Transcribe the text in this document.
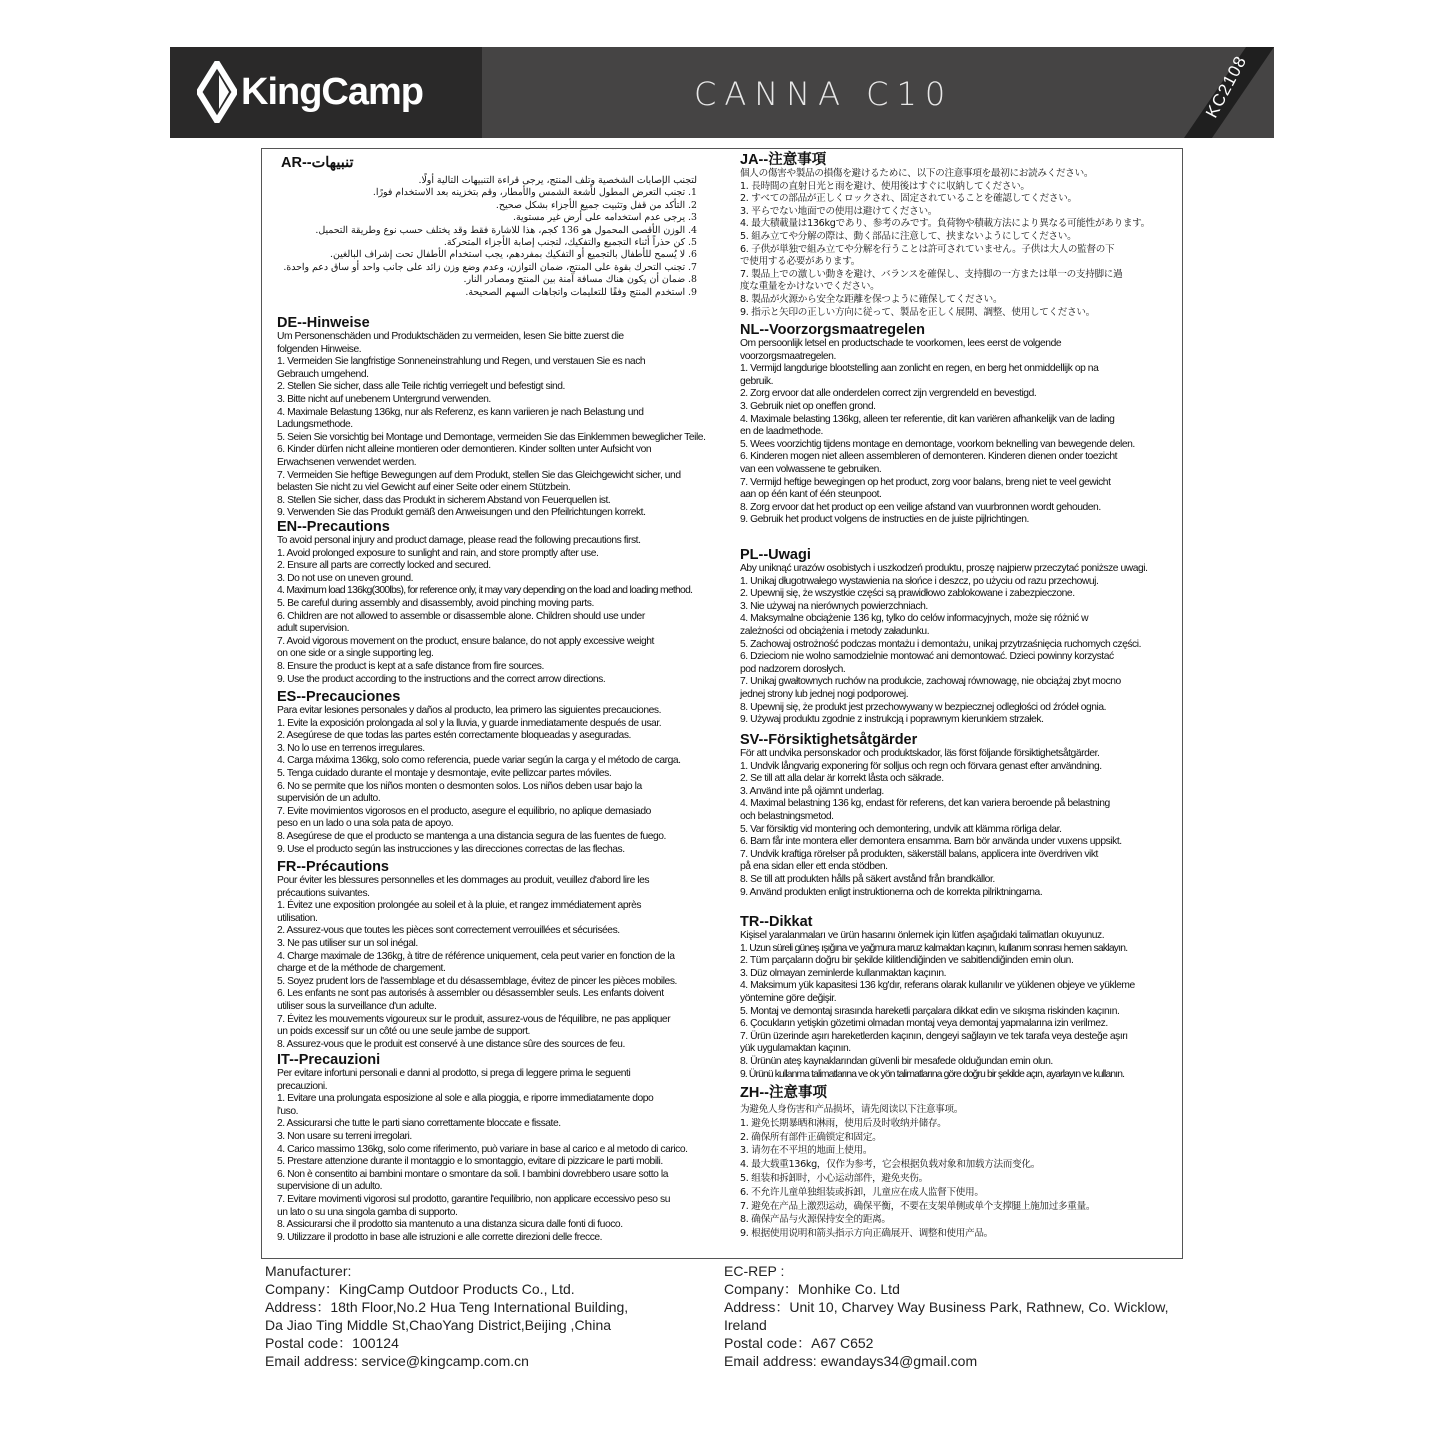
KingCamp	CANNA C10	KC2108
AR--تنبيهات

لتجنب الإصابات الشخصية وتلف المنتج، يرجى قراءة التنبيهات التالية أولًا.

1. تجنب التعرض المطول لأشعة الشمس والأمطار، وقم بتخزينه بعد الاستخدام فورًا.

2. التأكد من قفل وتثبيت جميع الأجزاء بشكل صحيح.

3. يرجى عدم استخدامه على أرض غير مستوية.

4. الوزن الأقصى المحمول هو 136 كجم، هذا للاشارة فقط وقد يختلف حسب نوع وطريقة التحميل.

5. كن حذراً أثناء التجميع والتفكيك، لتجنب إصابة الأجزاء المتحركة.

6. لا يُسمح للأطفال بالتجميع أو التفكيك بمفردهم، يجب استخدام الأطفال تحت إشراف البالغين.

7. تجنب التحرك بقوة على المنتج، ضمان التوازن، وعدم وضع وزن زائد على جانب واحد أو ساق دعم واحدة.

8. ضمان أن يكون هناك مسافة آمنة بين المنتج ومصادر النار.

9. استخدم المنتج وفقًا للتعليمات واتجاهات السهم الصحيحة.

DE--Hinweise

Um Personenschäden und Produktschäden zu vermeiden, lesen Sie bitte zuerst die

folgenden Hinweise.

1. Vermeiden Sie langfristige Sonneneinstrahlung und Regen, und verstauen Sie es nach

Gebrauch umgehend.

2. Stellen Sie sicher, dass alle Teile richtig verriegelt und befestigt sind.

3. Bitte nicht auf unebenem Untergrund verwenden.

4. Maximale Belastung 136kg, nur als Referenz, es kann variieren je nach Belastung und

Ladungsmethode.

5. Seien Sie vorsichtig bei Montage und Demontage, vermeiden Sie das Einklemmen beweglicher Teile.

6. Kinder dürfen nicht alleine montieren oder demontieren. Kinder sollten unter Aufsicht von

Erwachsenen verwendet werden.

7. Vermeiden Sie heftige Bewegungen auf dem Produkt, stellen Sie das Gleichgewicht sicher, und

belasten Sie nicht zu viel Gewicht auf einer Seite oder einem Stützbein.

8. Stellen Sie sicher, dass das Produkt in sicherem Abstand von Feuerquellen ist.

9. Verwenden Sie das Produkt gemäß den Anweisungen und den Pfeilrichtungen korrekt.

EN--Precautions

To avoid personal injury and product damage, please read the following precautions first.

1. Avoid prolonged exposure to sunlight and rain, and store promptly after use.

2. Ensure all parts are correctly locked and secured.

3. Do not use on uneven ground.

4. Maximum load 136kg(300lbs), for reference only, it may vary depending on the load and loading method.

5. Be careful during assembly and disassembly, avoid pinching moving parts.

6. Children are not allowed to assemble or disassemble alone. Children should use under

adult supervision.

7. Avoid vigorous movement on the product, ensure balance, do not apply excessive weight

on one side or a single supporting leg.

8. Ensure the product is kept at a safe distance from fire sources.

9. Use the product according to the instructions and the correct arrow directions.

ES--Precauciones

Para evitar lesiones personales y daños al producto, lea primero las siguientes precauciones.

1. Evite la exposición prolongada al sol y la lluvia, y guarde inmediatamente después de usar.

2. Asegúrese de que todas las partes estén correctamente bloqueadas y aseguradas.

3. No lo use en terrenos irregulares.

4. Carga máxima 136kg, solo como referencia, puede variar según la carga y el método de carga.

5. Tenga cuidado durante el montaje y desmontaje, evite pellizcar partes móviles.

6. No se permite que los niños monten o desmonten solos. Los niños deben usar bajo la

supervisión de un adulto.

7. Evite movimientos vigorosos en el producto, asegure el equilibrio, no aplique demasiado

peso en un lado o una sola pata de apoyo.

8. Asegúrese de que el producto se mantenga a una distancia segura de las fuentes de fuego.

9. Use el producto según las instrucciones y las direcciones correctas de las flechas.

FR--Précautions

Pour éviter les blessures personnelles et les dommages au produit, veuillez d'abord lire les

précautions suivantes.

1. Évitez une exposition prolongée au soleil et à la pluie, et rangez immédiatement après

utilisation.

2. Assurez-vous que toutes les pièces sont correctement verrouillées et sécurisées.

3. Ne pas utiliser sur un sol inégal.

4. Charge maximale de 136kg, à titre de référence uniquement, cela peut varier en fonction de la

charge et de la méthode de chargement.

5. Soyez prudent lors de l'assemblage et du désassemblage, évitez de pincer les pièces mobiles.

6. Les enfants ne sont pas autorisés à assembler ou désassembler seuls. Les enfants doivent

utiliser sous la surveillance d'un adulte.

7. Évitez les mouvements vigoureux sur le produit, assurez-vous de l'équilibre, ne pas appliquer

un poids excessif sur un côté ou une seule jambe de support.

8. Assurez-vous que le produit est conservé à une distance sûre des sources de feu.

IT--Precauzioni

Per evitare infortuni personali e danni al prodotto, si prega di leggere prima le seguenti

precauzioni.

1. Evitare una prolungata esposizione al sole e alla pioggia, e riporre immediatamente dopo

l'uso.

2. Assicurarsi che tutte le parti siano correttamente bloccate e fissate.

3. Non usare su terreni irregolari.

4. Carico massimo 136kg, solo come riferimento, può variare in base al carico e al metodo di carico.

5. Prestare attenzione durante il montaggio e lo smontaggio, evitare di pizzicare le parti mobili.

6. Non è consentito ai bambini montare o smontare da soli. I bambini dovrebbero usare sotto la

supervisione di un adulto.

7. Evitare movimenti vigorosi sul prodotto, garantire l'equilibrio, non applicare eccessivo peso su

un lato o su una singola gamba di supporto.

8. Assicurarsi che il prodotto sia mantenuto a una distanza sicura dalle fonti di fuoco.

9. Utilizzare il prodotto in base alle istruzioni e alle corrette direzioni delle frecce.

JA--注意事項

個人の傷害や製品の損傷を避けるために、以下の注意事項を最初にお読みください。

1. 長時間の直射日光と雨を避け、使用後はすぐに収納してください。

2. すべての部品が正しくロックされ、固定されていることを確認してください。

3. 平らでない地面での使用は避けてください。

4. 最大積載量は136kgであり、参考のみです。負荷物や積載方法により異なる可能性があります。

5. 組み立てや分解の際は、動く部品に注意して、挟まないようにしてください。

6. 子供が単独で組み立てや分解を行うことは許可されていません。子供は大人の監督の下

で使用する必要があります。

7. 製品上での激しい動きを避け、バランスを確保し、支持脚の一方または単一の支持脚に過

度な重量をかけないでください。

8. 製品が火源から安全な距離を保つように確保してください。

9. 指示と矢印の正しい方向に従って、製品を正しく展開、調整、使用してください。

NL--Voorzorgsmaatregelen

Om persoonlijk letsel en productschade te voorkomen, lees eerst de volgende

voorzorgsmaatregelen.

1. Vermijd langdurige blootstelling aan zonlicht en regen, en berg het onmiddellijk op na

gebruik.

2. Zorg ervoor dat alle onderdelen correct zijn vergrendeld en bevestigd.

3. Gebruik niet op oneffen grond.

4. Maximale belasting 136kg, alleen ter referentie, dit kan variëren afhankelijk van de lading

en de laadmethode.

5. Wees voorzichtig tijdens montage en demontage, voorkom beknelling van bewegende delen.

6. Kinderen mogen niet alleen assembleren of demonteren. Kinderen dienen onder toezicht

van een volwassene te gebruiken.

7. Vermijd heftige bewegingen op het product, zorg voor balans, breng niet te veel gewicht

aan op één kant of één steunpoot.

8. Zorg ervoor dat het product op een veilige afstand van vuurbronnen wordt gehouden.

9. Gebruik het product volgens de instructies en de juiste pijlrichtingen.

PL--Uwagi

Aby uniknąć urazów osobistych i uszkodzeń produktu, proszę najpierw przeczytać poniższe uwagi.

1. Unikaj długotrwałego wystawienia na słońce i deszcz, po użyciu od razu przechowuj.

2. Upewnij się, że wszystkie części są prawidłowo zablokowane i zabezpieczone.

3. Nie używaj na nierównych powierzchniach.

4. Maksymalne obciążenie 136 kg, tylko do celów informacyjnych, może się różnić w

zależności od obciążenia i metody załadunku.

5. Zachowaj ostrożność podczas montażu i demontażu, unikaj przytrzaśnięcia ruchomych części.

6. Dzieciom nie wolno samodzielnie montować ani demontować. Dzieci powinny korzystać

pod nadzorem dorosłych.

7. Unikaj gwałtownych ruchów na produkcie, zachowaj równowagę, nie obciążaj zbyt mocno

jednej strony lub jednej nogi podporowej.

8. Upewnij się, że produkt jest przechowywany w bezpiecznej odległości od źródeł ognia.

9. Używaj produktu zgodnie z instrukcją i poprawnym kierunkiem strzałek.

SV--Försiktighetsåtgärder

För att undvika personskador och produktskador, läs först följande försiktighetsåtgärder.

1. Undvik långvarig exponering för solljus och regn och förvara genast efter användning.

2. Se till att alla delar är korrekt låsta och säkrade.

3. Använd inte på ojämnt underlag.

4. Maximal belastning 136 kg, endast för referens, det kan variera beroende på belastning

och belastningsmetod.

5. Var försiktig vid montering och demontering, undvik att klämma rörliga delar.

6. Barn får inte montera eller demontera ensamma. Barn bör använda under vuxens uppsikt.

7. Undvik kraftiga rörelser på produkten, säkerställ balans, applicera inte överdriven vikt

på ena sidan eller ett enda stödben.

8. Se till att produkten hålls på säkert avstånd från brandkällor.

9. Använd produkten enligt instruktionerna och de korrekta pilriktningarna.

TR--Dikkat

Kişisel yaralanmaları ve ürün hasarını önlemek için lütfen aşağıdaki talimatları okuyunuz.

1. Uzun süreli güneş ışığına ve yağmura maruz kalmaktan kaçının, kullanım sonrası hemen saklayın.

2. Tüm parçaların doğru bir şekilde kilitlendiğinden ve sabitlendiğinden emin olun.

3. Düz olmayan zeminlerde kullanmaktan kaçının.

4. Maksimum yük kapasitesi 136 kg'dır, referans olarak kullanılır ve yüklenen objeye ve yükleme

yöntemine göre değişir.

5. Montaj ve demontaj sırasında hareketli parçalara dikkat edin ve sıkışma riskinden kaçının.

6. Çocukların yetişkin gözetimi olmadan montaj veya demontaj yapmalarına izin verilmez.

7. Ürün üzerinde aşırı hareketlerden kaçının, dengeyi sağlayın ve tek tarafa veya desteğe aşırı

yük uygulamaktan kaçının.

8. Ürünün ateş kaynaklarından güvenli bir mesafede olduğundan emin olun.

9. Ürünü kullanma talimatlarına ve ok yön talimatlarına göre doğru bir şekilde açın, ayarlayın ve kullanın.

ZH--注意事项

为避免人身伤害和产品损坏，请先阅读以下注意事项。

1. 避免长期暴晒和淋雨，使用后及时收纳并储存。

2. 确保所有部件正确锁定和固定。

3. 请勿在不平坦的地面上使用。

4. 最大载重136kg，仅作为参考，它会根据负载对象和加载方法而变化。

5. 组装和拆卸时，小心运动部件，避免夹伤。

6. 不允许儿童单独组装或拆卸，儿童应在成人监督下使用。

7. 避免在产品上激烈运动，确保平衡，不要在支架单侧或单个支撑腿上施加过多重量。

8. 确保产品与火源保持安全的距离。

9. 根据使用说明和箭头指示方向正确展开、调整和使用产品。

Manufacturer:

Company：KingCamp Outdoor Products Co., Ltd.

Address：18th Floor,No.2 Hua Teng International Building,

Da Jiao Ting Middle St,ChaoYang District,Beijing ,China

Postal code：100124

Email address: service@kingcamp.com.cn

EC-REP :

Company：Monhike Co. Ltd

Address：Unit 10, Charvey Way Business Park, Rathnew, Co. Wicklow,

Ireland

Postal code：A67 C652

Email address: ewandays34@gmail.com
